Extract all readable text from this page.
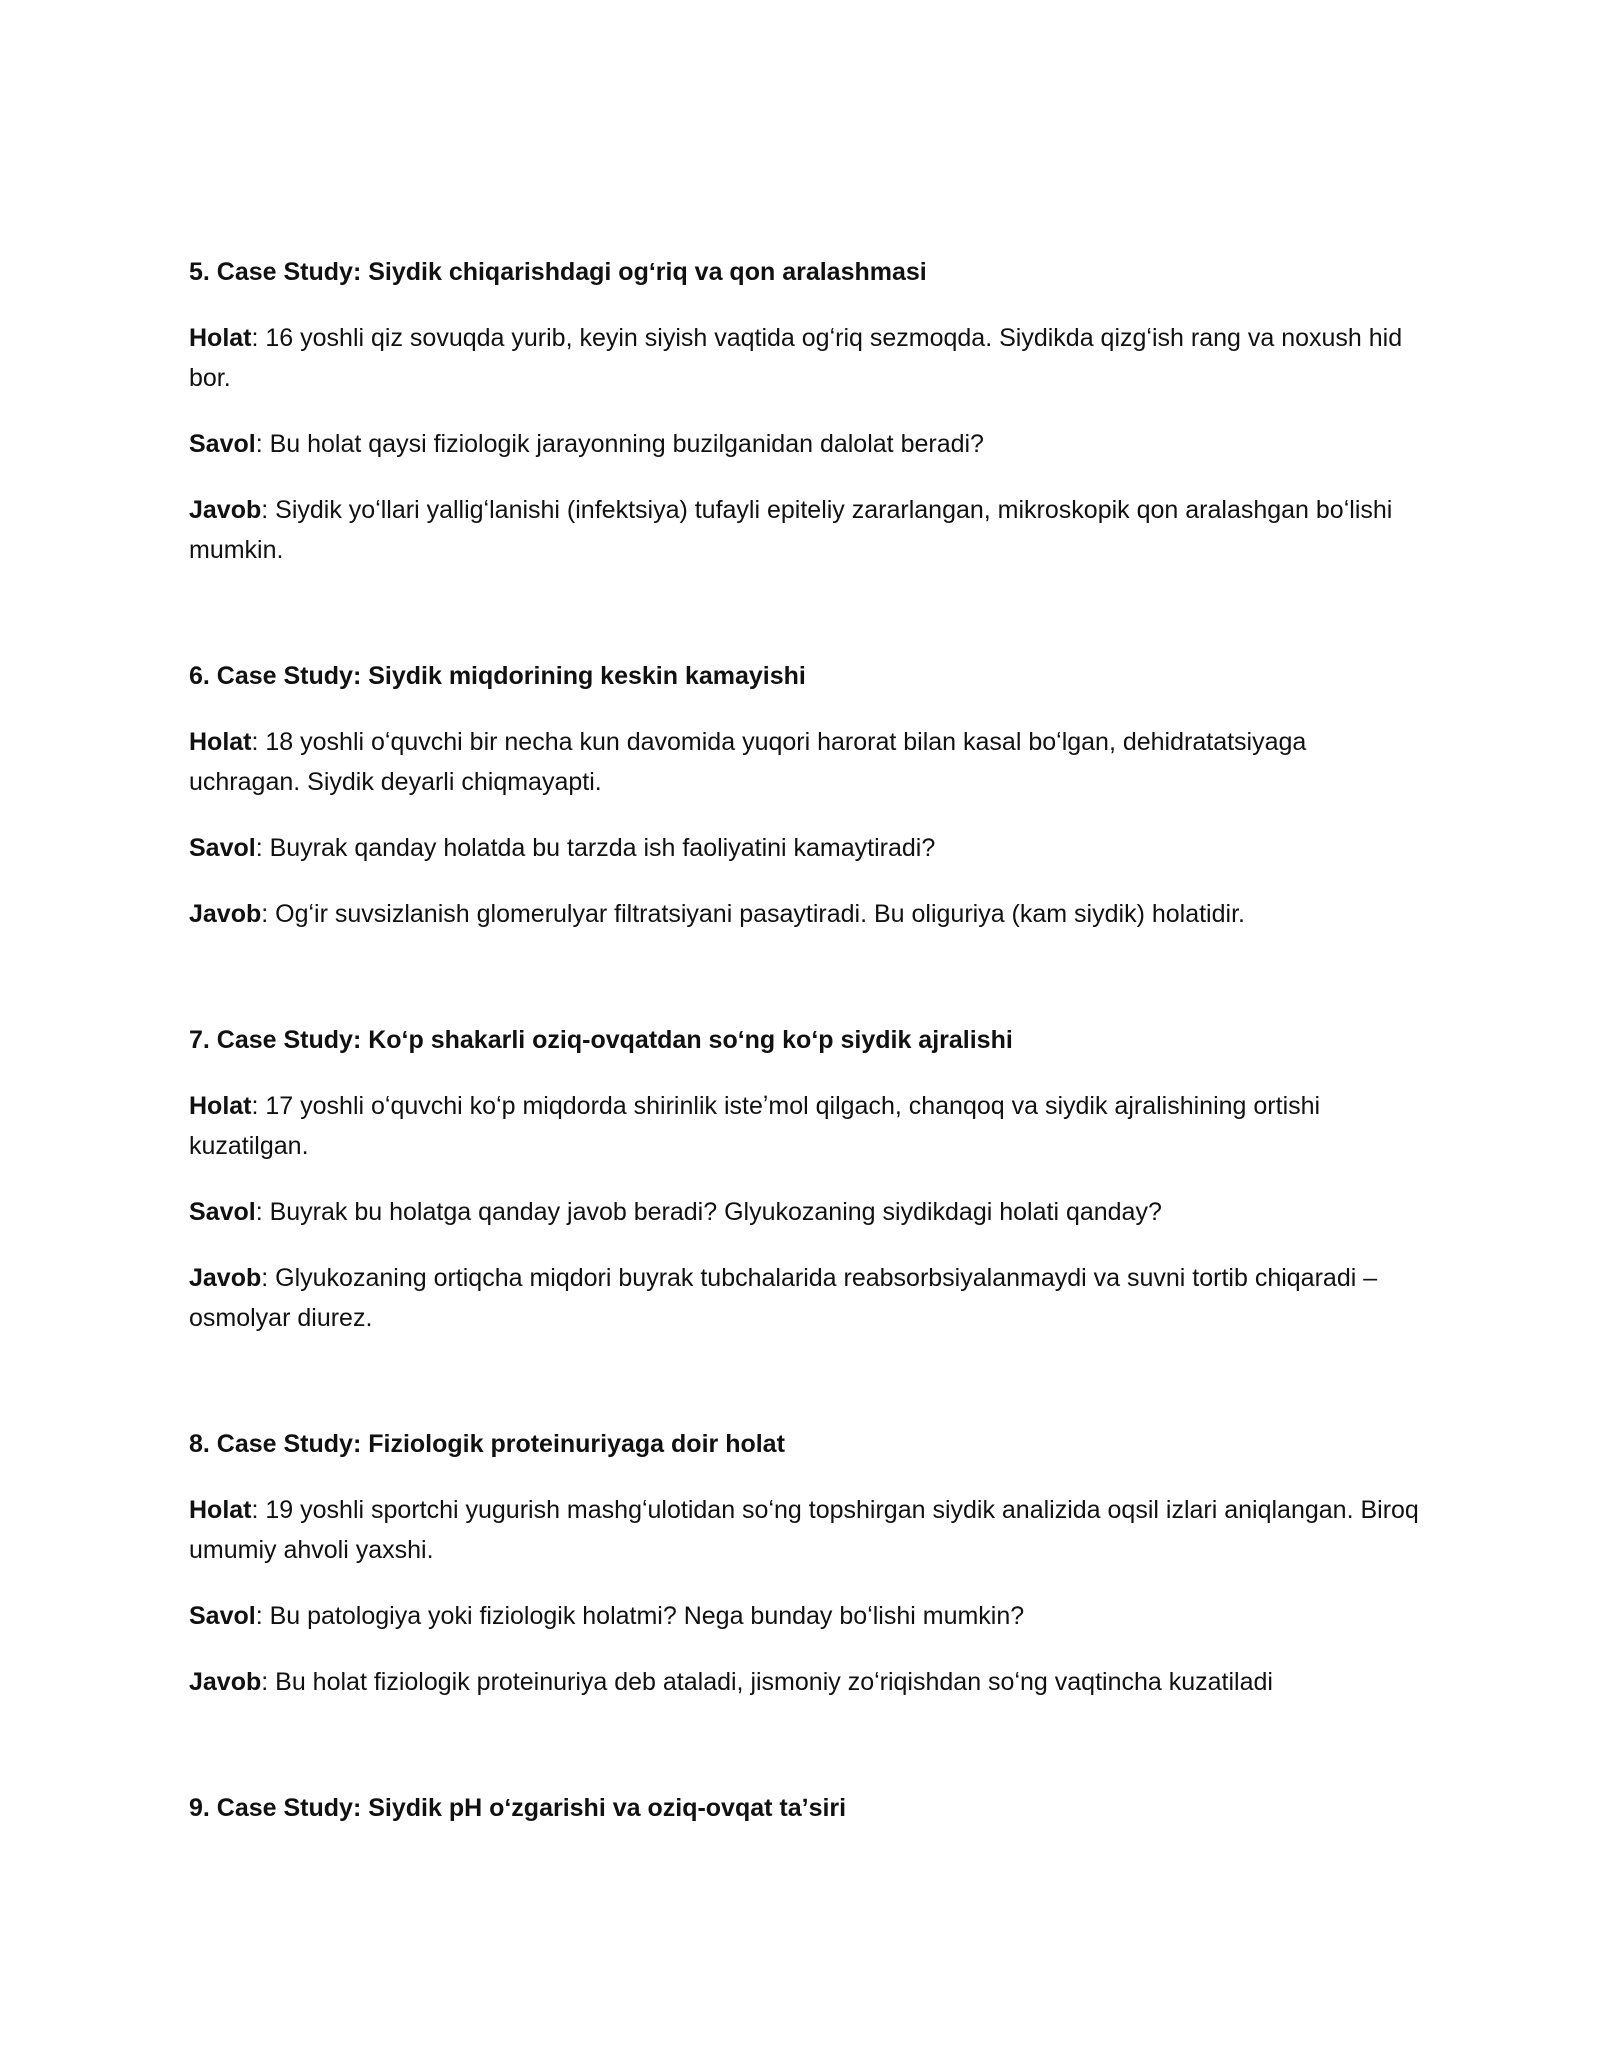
5. Case Study: Siydik chiqarishdagi ogʻriq va qon aralashmasi

Holat: 16 yoshli qiz sovuqda yurib, keyin siyish vaqtida ogʻriq sezmoqda. Siydikda qizgʻish rang va noxush hid bor.

Savol: Bu holat qaysi fiziologik jarayonning buzilganidan dalolat beradi?

Javob: Siydik yoʻllari yalligʻlanishi (infektsiya) tufayli epiteliy zararlangan, mikroskopik qon aralashgan boʻlishi mumkin.

6. Case Study: Siydik miqdorining keskin kamayishi

Holat: 18 yoshli oʻquvchi bir necha kun davomida yuqori harorat bilan kasal boʻlgan, dehidratatsiyaga uchragan. Siydik deyarli chiqmayapti.

Savol: Buyrak qanday holatda bu tarzda ish faoliyatini kamaytiradi?

Javob: Ogʻir suvsizlanish glomerulyar filtratsiyani pasaytiradi. Bu oliguriya (kam siydik) holatidir.

7. Case Study: Koʻp shakarli oziq-ovqatdan soʻng koʻp siydik ajralishi

Holat: 17 yoshli oʻquvchi koʻp miqdorda shirinlik isteʼmol qilgach, chanqoq va siydik ajralishining ortishi kuzatilgan.

Savol: Buyrak bu holatga qanday javob beradi? Glyukozaning siydikdagi holati qanday?

Javob: Glyukozaning ortiqcha miqdori buyrak tubchalarida reabsorbsiyalanmaydi va suvni tortib chiqaradi – osmolyar diurez.

8. Case Study: Fiziologik proteinuriyaga doir holat

Holat: 19 yoshli sportchi yugurish mashgʻulotidan soʻng topshirgan siydik analizida oqsil izlari aniqlangan. Biroq umumiy ahvoli yaxshi.

Savol: Bu patologiya yoki fiziologik holatmi? Nega bunday boʻlishi mumkin?

Javob: Bu holat fiziologik proteinuriya deb ataladi, jismoniy zoʻriqishdan soʻng vaqtincha kuzatiladi

9. Case Study: Siydik pH oʻzgarishi va oziq-ovqat taʼsiri
